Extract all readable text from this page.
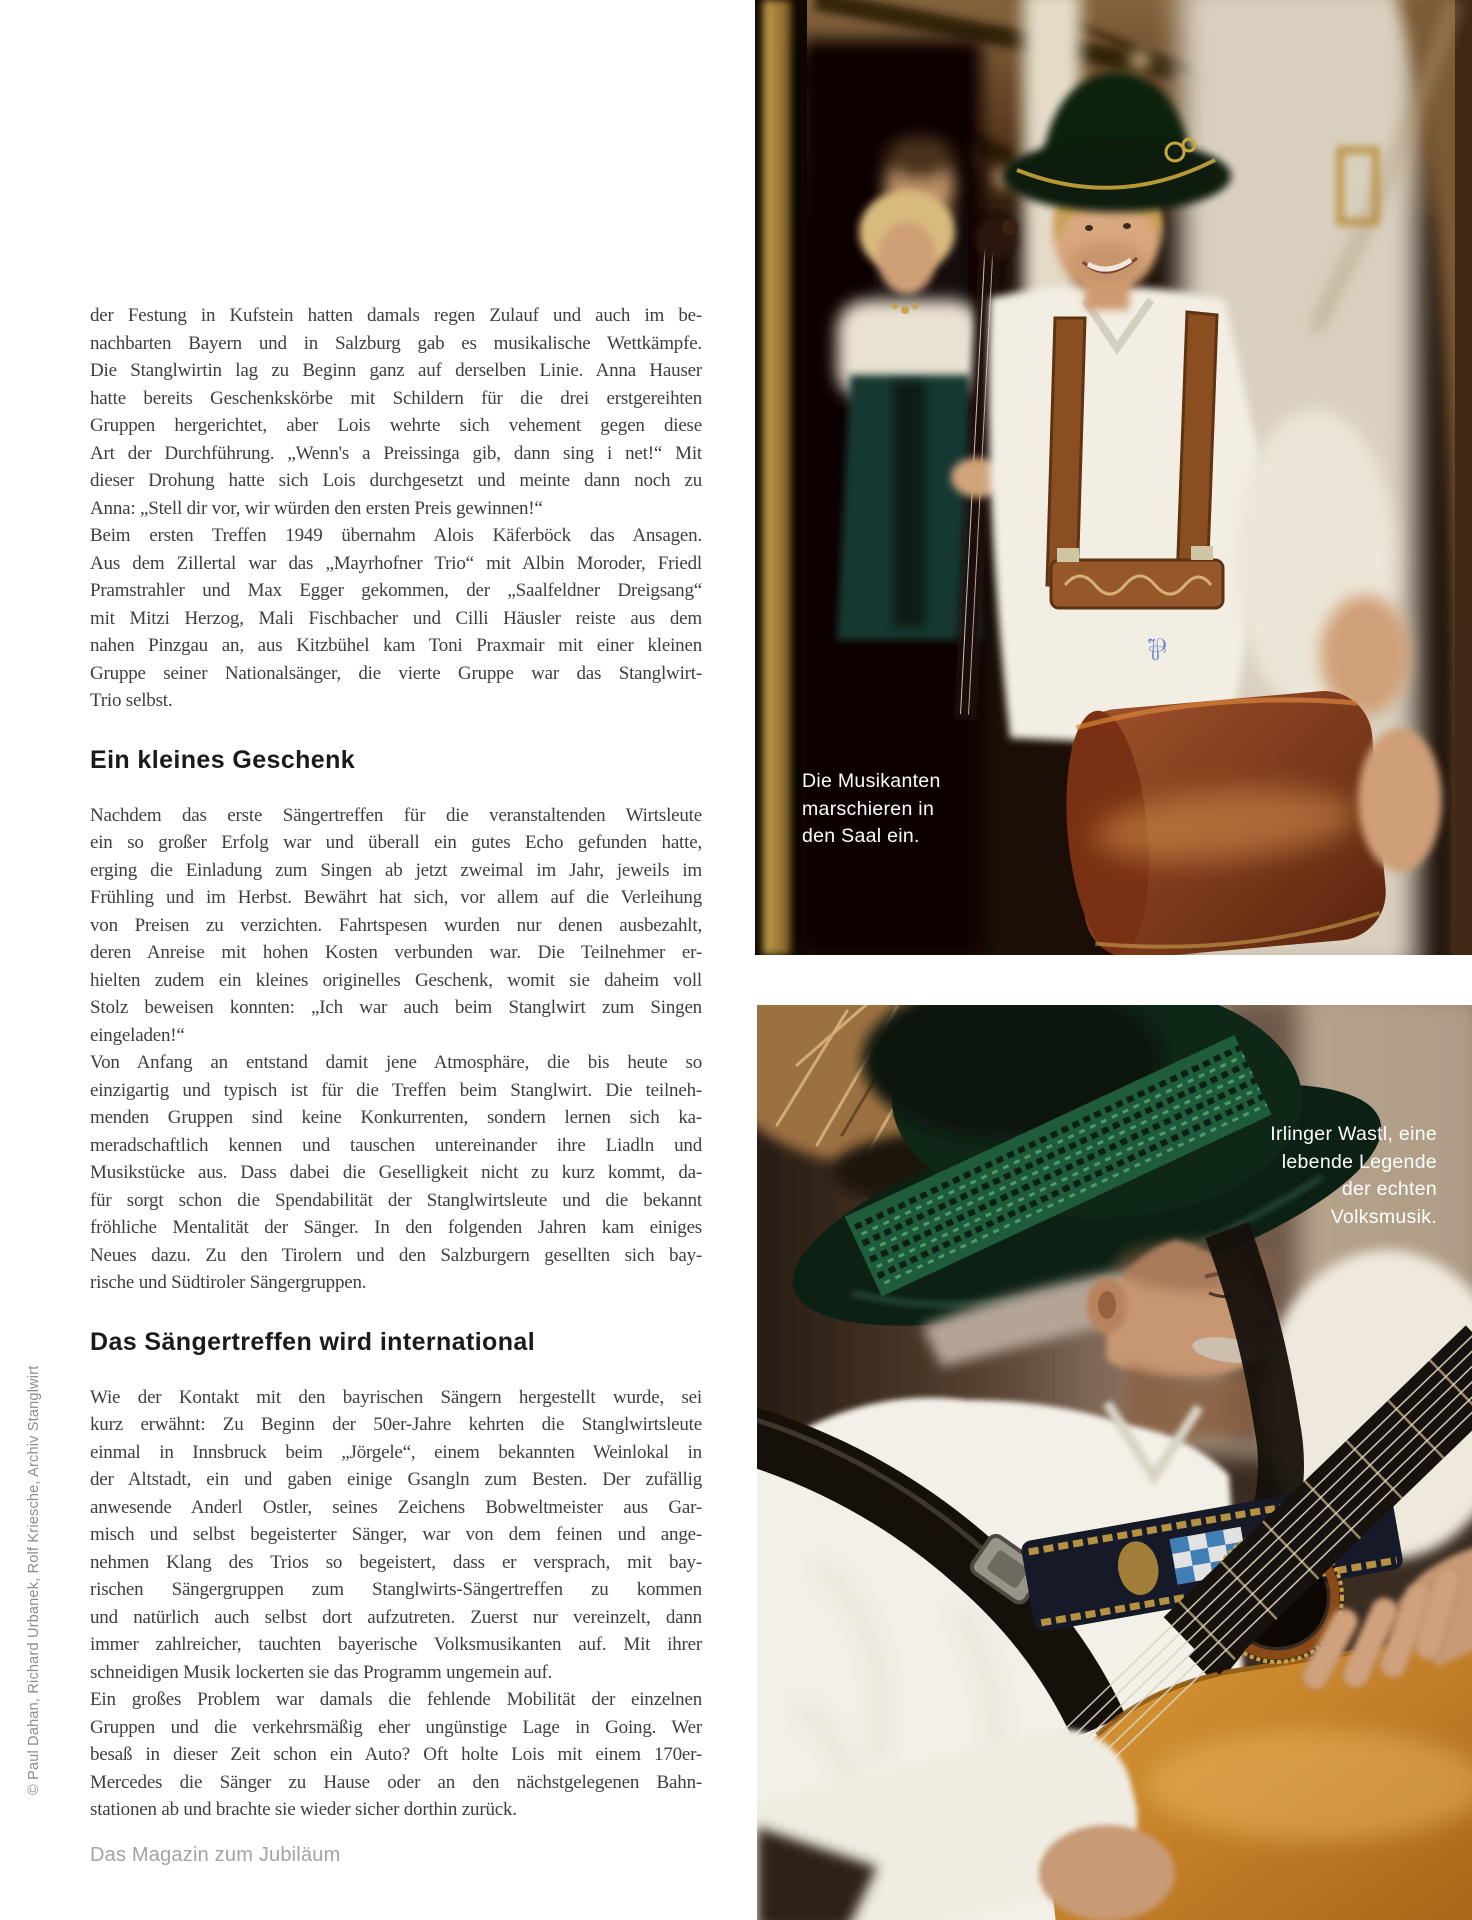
© Paul Dahan, Richard Urbanek, Rolf Kriesche, Archiv Stanglwirt
der Festung in Kufstein hatten damals regen Zulauf und auch im be-
nachbarten Bayern und in Salzburg gab es musikalische Wettkämpfe.
Die Stanglwirtin lag zu Beginn ganz auf derselben Linie. Anna Hauser
hatte bereits Geschenkskörbe mit Schildern für die drei erstgereihten
Gruppen hergerichtet, aber Lois wehrte sich vehement gegen diese
Art der Durchführung. „Wenn's a Preissinga gib, dann sing i net!“ Mit
dieser Drohung hatte sich Lois durchgesetzt und meinte dann noch zu
Anna: „Stell dir vor, wir würden den ersten Preis gewinnen!“
Beim ersten Treffen 1949 übernahm Alois Käferböck das Ansagen.
Aus dem Zillertal war das „Mayrhofner Trio“ mit Albin Moroder, Friedl
Pramstrahler und Max Egger gekommen, der „Saalfeldner Dreigsang“
mit Mitzi Herzog, Mali Fischbacher und Cilli Häusler reiste aus dem
nahen Pinzgau an, aus Kitzbühel kam Toni Praxmair mit einer kleinen
Gruppe seiner Nationalsänger, die vierte Gruppe war das Stanglwirt-
Trio selbst.
Ein kleines Geschenk
Nachdem das erste Sängertreffen für die veranstaltenden Wirtsleute
ein so großer Erfolg war und überall ein gutes Echo gefunden hatte,
erging die Einladung zum Singen ab jetzt zweimal im Jahr, jeweils im
Frühling und im Herbst. Bewährt hat sich, vor allem auf die Verleihung
von Preisen zu verzichten. Fahrtspesen wurden nur denen ausbezahlt,
deren Anreise mit hohen Kosten verbunden war. Die Teilnehmer er-
hielten zudem ein kleines originelles Geschenk, womit sie daheim voll
Stolz beweisen konnten: „Ich war auch beim Stanglwirt zum Singen
eingeladen!“
Von Anfang an entstand damit jene Atmosphäre, die bis heute so
einzigartig und typisch ist für die Treffen beim Stanglwirt. Die teilneh-
menden Gruppen sind keine Konkurrenten, sondern lernen sich ka-
meradschaftlich kennen und tauschen untereinander ihre Liadln und
Musikstücke aus. Dass dabei die Geselligkeit nicht zu kurz kommt, da-
für sorgt schon die Spendabilität der Stanglwirtsleute und die bekannt
fröhliche Mentalität der Sänger. In den folgenden Jahren kam einiges
Neues dazu. Zu den Tirolern und den Salzburgern gesellten sich bay-
rische und Südtiroler Sängergruppen.
Das Sängertreffen wird international
Wie der Kontakt mit den bayrischen Sängern hergestellt wurde, sei
kurz erwähnt: Zu Beginn der 50er-Jahre kehrten die Stanglwirtsleute
einmal in Innsbruck beim „Jörgele“, einem bekannten Weinlokal in
der Altstadt, ein und gaben einige Gsangln zum Besten. Der zufällig
anwesende Anderl Ostler, seines Zeichens Bobweltmeister aus Gar-
misch und selbst begeisterter Sänger, war von dem feinen und ange-
nehmen Klang des Trios so begeistert, dass er versprach, mit bay-
rischen Sängergruppen zum Stanglwirts-Sängertreffen zu kommen
und natürlich auch selbst dort aufzutreten. Zuerst nur vereinzelt, dann
immer zahlreicher, tauchten bayerische Volksmusikanten auf. Mit ihrer
schneidigen Musik lockerten sie das Programm ungemein auf.
Ein großes Problem war damals die fehlende Mobilität der einzelnen
Gruppen und die verkehrsmäßig eher ungünstige Lage in Going. Wer
besaß in dieser Zeit schon ein Auto? Oft holte Lois mit einem 170er-
Mercedes die Sänger zu Hause oder an den nächstgelegenen Bahn-
stationen ab und brachte sie wieder sicher dorthin zurück.
Das Magazin zum Jubiläum
⅌
Die Musikanten
marschieren in
den Saal ein.
Irlinger Wastl, eine
lebende Legende
der echten
Volksmusik.
